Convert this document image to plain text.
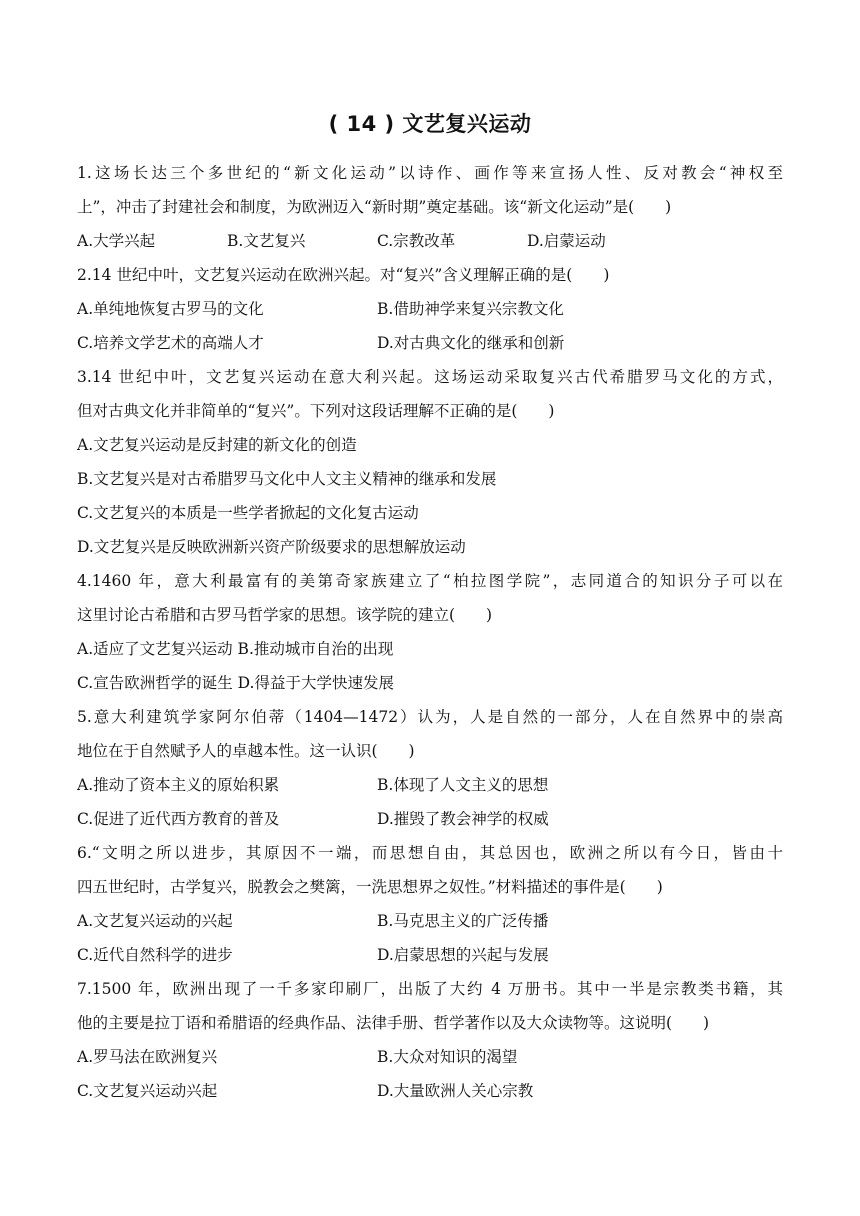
( 14 ) 文艺复兴运动
1.这场长达三个多世纪的“新文化运动”以诗作、画作等来宣扬人性、反对教会“神权至
上”，冲击了封建社会和制度，为欧洲迈入“新时期”奠定基础。该“新文化运动”是(　　)
A.大学兴起	B.文艺复兴	C.宗教改革	D.启蒙运动
2.14 世纪中叶，文艺复兴运动在欧洲兴起。对“复兴”含义理解正确的是(　　)
A.单纯地恢复古罗马的文化	B.借助神学来复兴宗教文化
C.培养文学艺术的高端人才	D.对古典文化的继承和创新
3.14 世纪中叶，文艺复兴运动在意大利兴起。这场运动采取复兴古代希腊罗马文化的方式，
但对古典文化并非简单的“复兴”。下列对这段话理解不正确的是(　　)
A.文艺复兴运动是反封建的新文化的创造
B.文艺复兴是对古希腊罗马文化中人文主义精神的继承和发展
C.文艺复兴的本质是一些学者掀起的文化复古运动
D.文艺复兴是反映欧洲新兴资产阶级要求的思想解放运动
4.1460 年，意大利最富有的美第奇家族建立了“柏拉图学院”，志同道合的知识分子可以在
这里讨论古希腊和古罗马哲学家的思想。该学院的建立(　　)
A.适应了文艺复兴运动 B.推动城市自治的出现
C.宣告欧洲哲学的诞生 D.得益于大学快速发展
5.意大利建筑学家阿尔伯蒂（1404—1472）认为，人是自然的一部分，人在自然界中的崇高
地位在于自然赋予人的卓越本性。这一认识(　　)
A.推动了资本主义的原始积累	B.体现了人文主义的思想
C.促进了近代西方教育的普及	D.摧毁了教会神学的权威
6.“文明之所以进步，其原因不一端，而思想自由，其总因也，欧洲之所以有今日，皆由十
四五世纪时，古学复兴，脱教会之樊篱，一洗思想界之奴性。”材料描述的事件是(　　)
A.文艺复兴运动的兴起	B.马克思主义的广泛传播
C.近代自然科学的进步	D.启蒙思想的兴起与发展
7.1500 年，欧洲出现了一千多家印刷厂，出版了大约 4 万册书。其中一半是宗教类书籍，其
他的主要是拉丁语和希腊语的经典作品、法律手册、哲学著作以及大众读物等。这说明(　　)
A.罗马法在欧洲复兴	B.大众对知识的渴望
C.文艺复兴运动兴起	D.大量欧洲人关心宗教
